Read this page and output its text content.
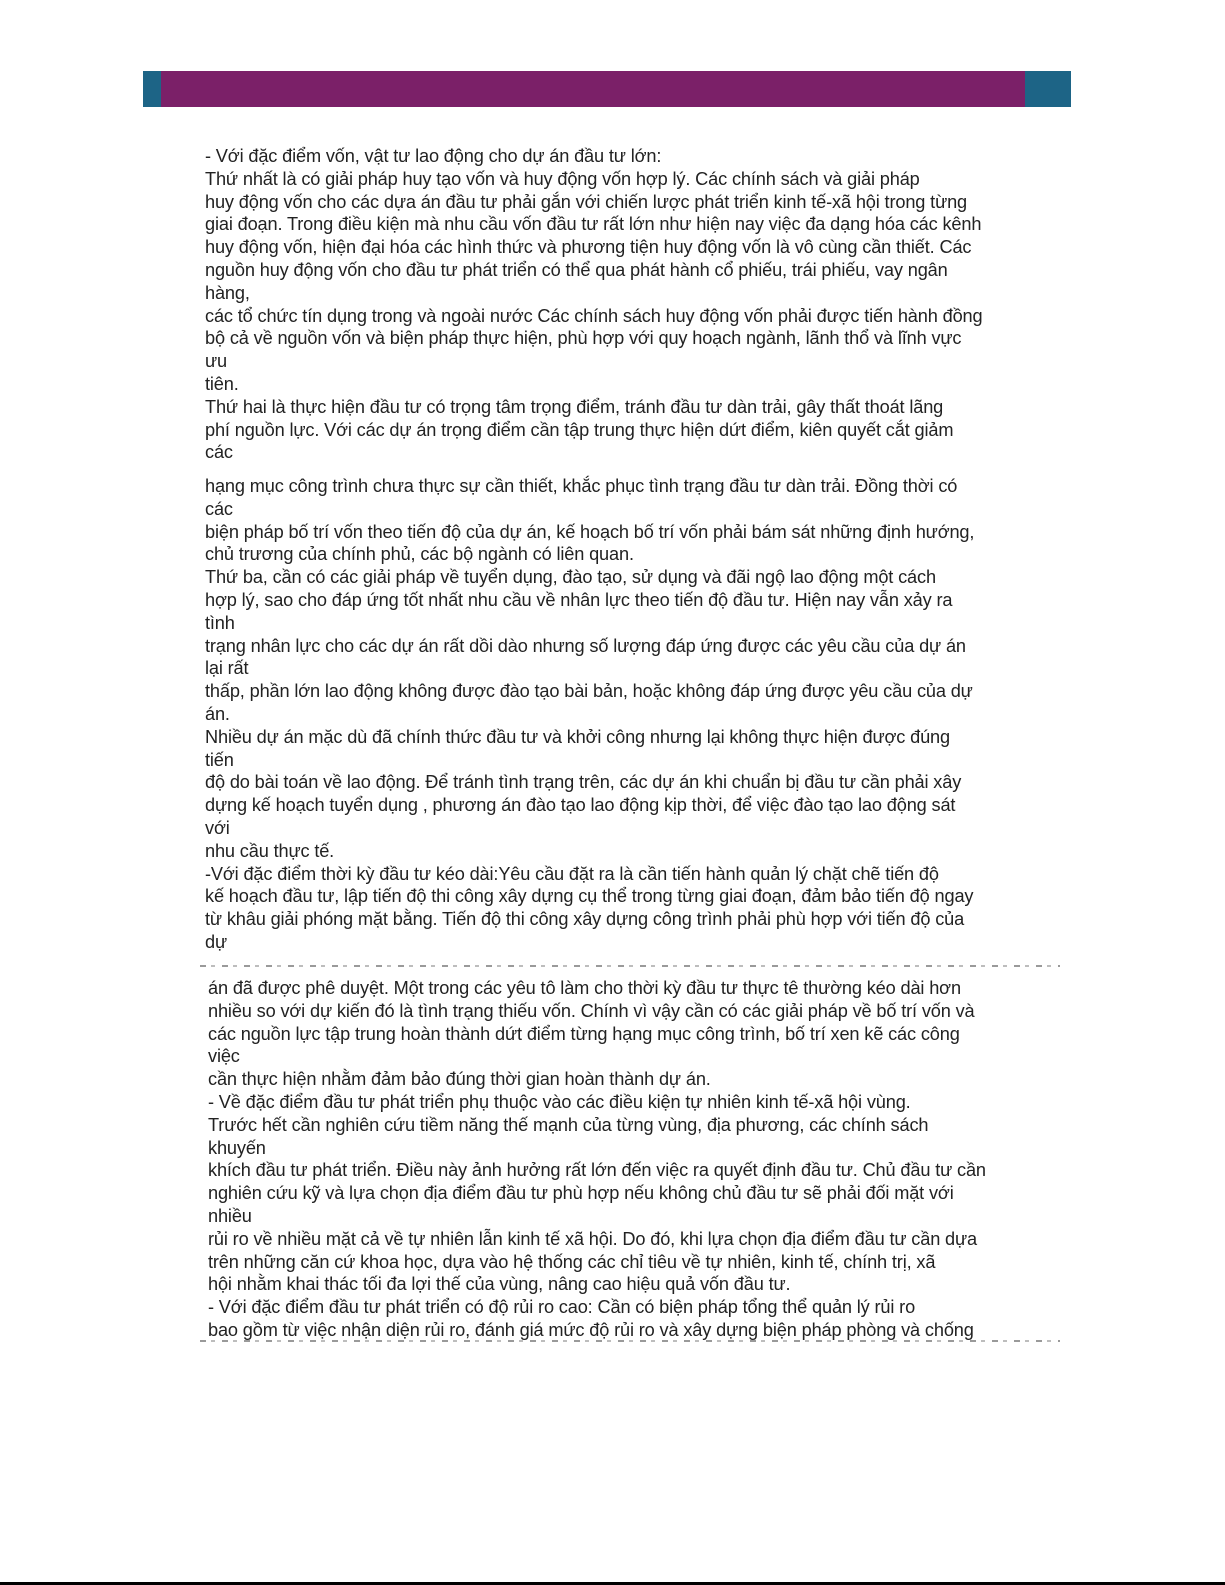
- Với đặc điểm vốn, vật tư lao động cho dự án đầu tư lớn:
Thứ nhất là có giải pháp huy tạo vốn và huy động vốn hợp lý. Các chính sách và giải pháp
huy động vốn cho các dựa án đầu tư phải gắn với chiến lược phát triển kinh tế-xã hội trong từng
giai đoạn. Trong điều kiện mà nhu cầu vốn đầu tư rất lớn như hiện nay việc đa dạng hóa các kênh
huy động vốn, hiện đại hóa các hình thức và phương tiện huy động vốn là vô cùng cần thiết. Các
nguồn huy động vốn cho đầu tư phát triển có thể qua phát hành cổ phiếu, trái phiếu, vay ngân
hàng,
các tổ chức tín dụng trong và ngoài nước Các chính sách huy động vốn phải được tiến hành đồng
bộ cả về nguồn vốn và biện pháp thực hiện, phù hợp với quy hoạch ngành, lãnh thổ và lĩnh vực
ưu
tiên.
Thứ hai là thực hiện đầu tư có trọng tâm trọng điểm, tránh đầu tư dàn trải, gây thất thoát lãng
phí nguồn lực. Với các dự án trọng điểm cần tập trung thực hiện dứt điểm, kiên quyết cắt giảm
các
hạng mục công trình chưa thực sự cần thiết, khắc phục tình trạng đầu tư dàn trải. Đồng thời có
các
biện pháp bố trí vốn theo tiến độ của dự án, kế hoạch bố trí vốn phải bám sát những định hướng,
chủ trương của chính phủ, các bộ ngành có liên quan.
Thứ ba, cần có các giải pháp về tuyển dụng, đào tạo, sử dụng và đãi ngộ lao động một cách
hợp lý, sao cho đáp ứng tốt nhất nhu cầu về nhân lực theo tiến độ đầu tư. Hiện nay vẫn xảy ra
tình
trạng nhân lực cho các dự án rất dồi dào nhưng số lượng đáp ứng được các yêu cầu của dự án
lại rất
thấp, phần lớn lao động không được đào tạo bài bản, hoặc không đáp ứng được yêu cầu của dự
án.
Nhiều dự án mặc dù đã chính thức đầu tư và khởi công nhưng lại không thực hiện được đúng
tiến
độ do bài toán về lao động. Để tránh tình trạng trên, các dự án khi chuẩn bị đầu tư cần phải xây
dựng kế hoạch tuyển dụng , phương án đào tạo lao động kịp thời, để việc đào tạo lao động sát
với
nhu cầu thực tế.
-Với đặc điểm thời kỳ đầu tư kéo dài:Yêu cầu đặt ra là cần tiến hành quản lý chặt chẽ tiến độ
kế hoạch đầu tư, lập tiến độ thi công xây dựng cụ thể trong từng giai đoạn, đảm bảo tiến độ ngay
từ khâu giải phóng mặt bằng. Tiến độ thi công xây dựng công trình phải phù hợp với tiến độ của
dự
án đã được phê duyệt. Một trong các yêu tô làm cho thời kỳ đầu tư thực tê thường kéo dài hơn
nhiều so với dự kiến đó là tình trạng thiếu vốn. Chính vì vậy cần có các giải pháp về bố trí vốn và
các nguồn lực tập trung hoàn thành dứt điểm từng hạng mục công trình, bố trí xen kẽ các công
việc
cần thực hiện nhằm đảm bảo đúng thời gian hoàn thành dự án.
- Về đặc điểm đầu tư phát triển phụ thuộc vào các điều kiện tự nhiên kinh tế-xã hội vùng.
Trước hết cần nghiên cứu tiềm năng thế mạnh của từng vùng, địa phương, các chính sách
khuyến
khích đầu tư phát triển. Điều này ảnh hưởng rất lớn đến việc ra quyết định đầu tư. Chủ đầu tư cần
nghiên cứu kỹ và lựa chọn địa điểm đầu tư phù hợp nếu không chủ đầu tư sẽ phải đối mặt với
nhiều
rủi ro về nhiều mặt cả về tự nhiên lẫn kinh tế xã hội. Do đó, khi lựa chọn địa điểm đầu tư cần dựa
trên những căn cứ khoa học, dựa vào hệ thống các chỉ tiêu về tự nhiên, kinh tế, chính trị, xã
hội nhằm khai thác tối đa lợi thế của vùng, nâng cao hiệu quả vốn đầu tư.
- Với đặc điểm đầu tư phát triển có độ rủi ro cao: Cần có biện pháp tổng thể quản lý rủi ro
bao gồm từ việc nhận diện rủi ro, đánh giá mức độ rủi ro và xây dựng biện pháp phòng và chống
